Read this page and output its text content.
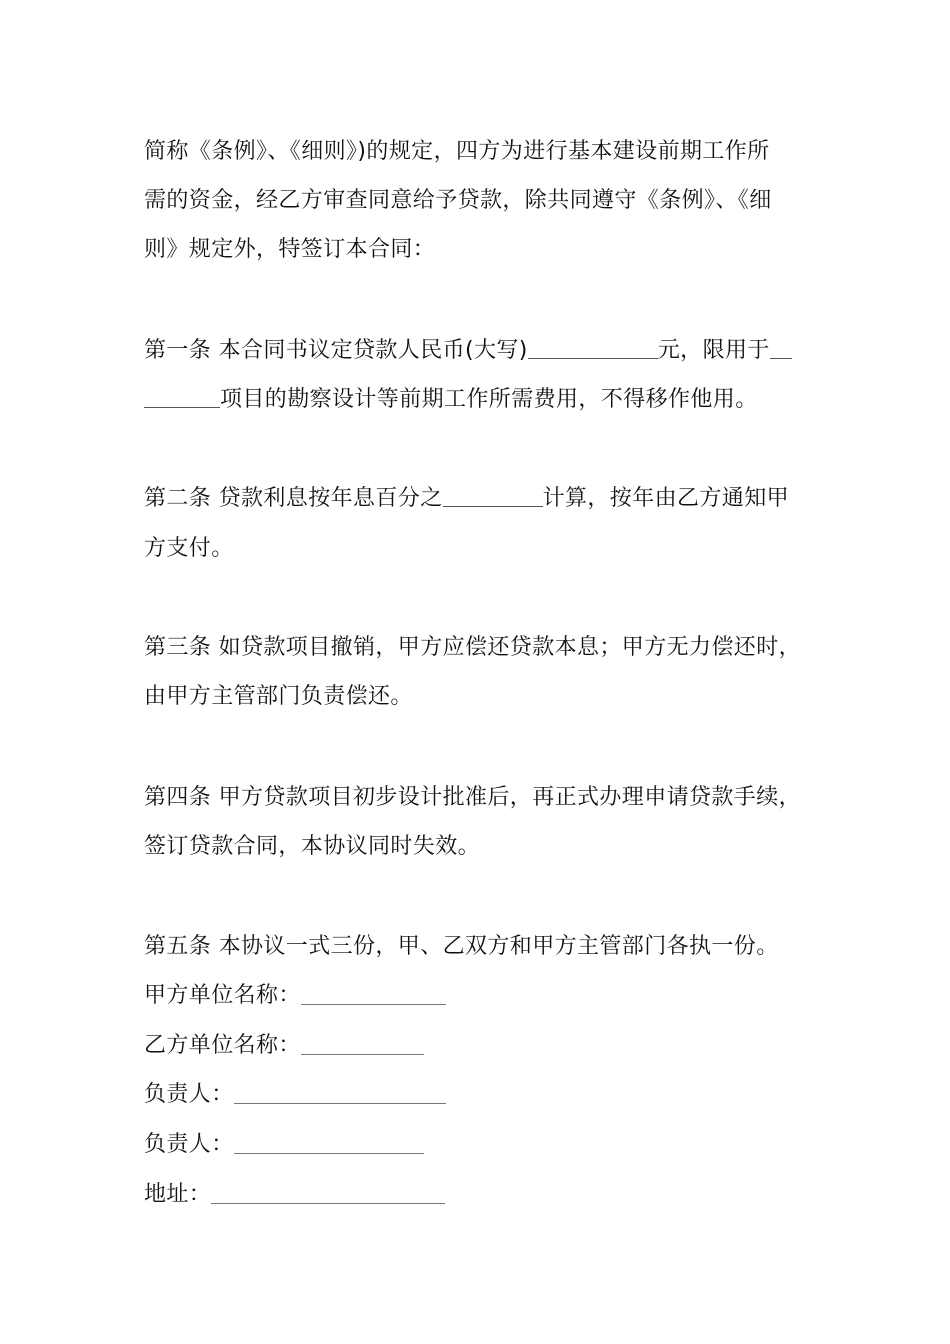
简称《条例》、《细则》)的规定，四方为进行基本建设前期工作所
需的资金，经乙方审查同意给予贷款，除共同遵守《条例》、《细
则》规定外，特签订本合同：
第一条 本合同书议定贷款人民币(大写)	元，限用于
项目的勘察设计等前期工作所需费用，不得移作他用。
第二条 贷款利息按年息百分之	计算，按年由乙方通知甲
方支付。
第三条 如贷款项目撤销，甲方应偿还贷款本息；甲方无力偿还时，
由甲方主管部门负责偿还。
第四条 甲方贷款项目初步设计批准后，再正式办理申请贷款手续，
签订贷款合同，本协议同时失效。
第五条 本协议一式三份，甲、乙双方和甲方主管部门各执一份。
甲方单位名称：
乙方单位名称：
负责人：
负责人：
地址：
